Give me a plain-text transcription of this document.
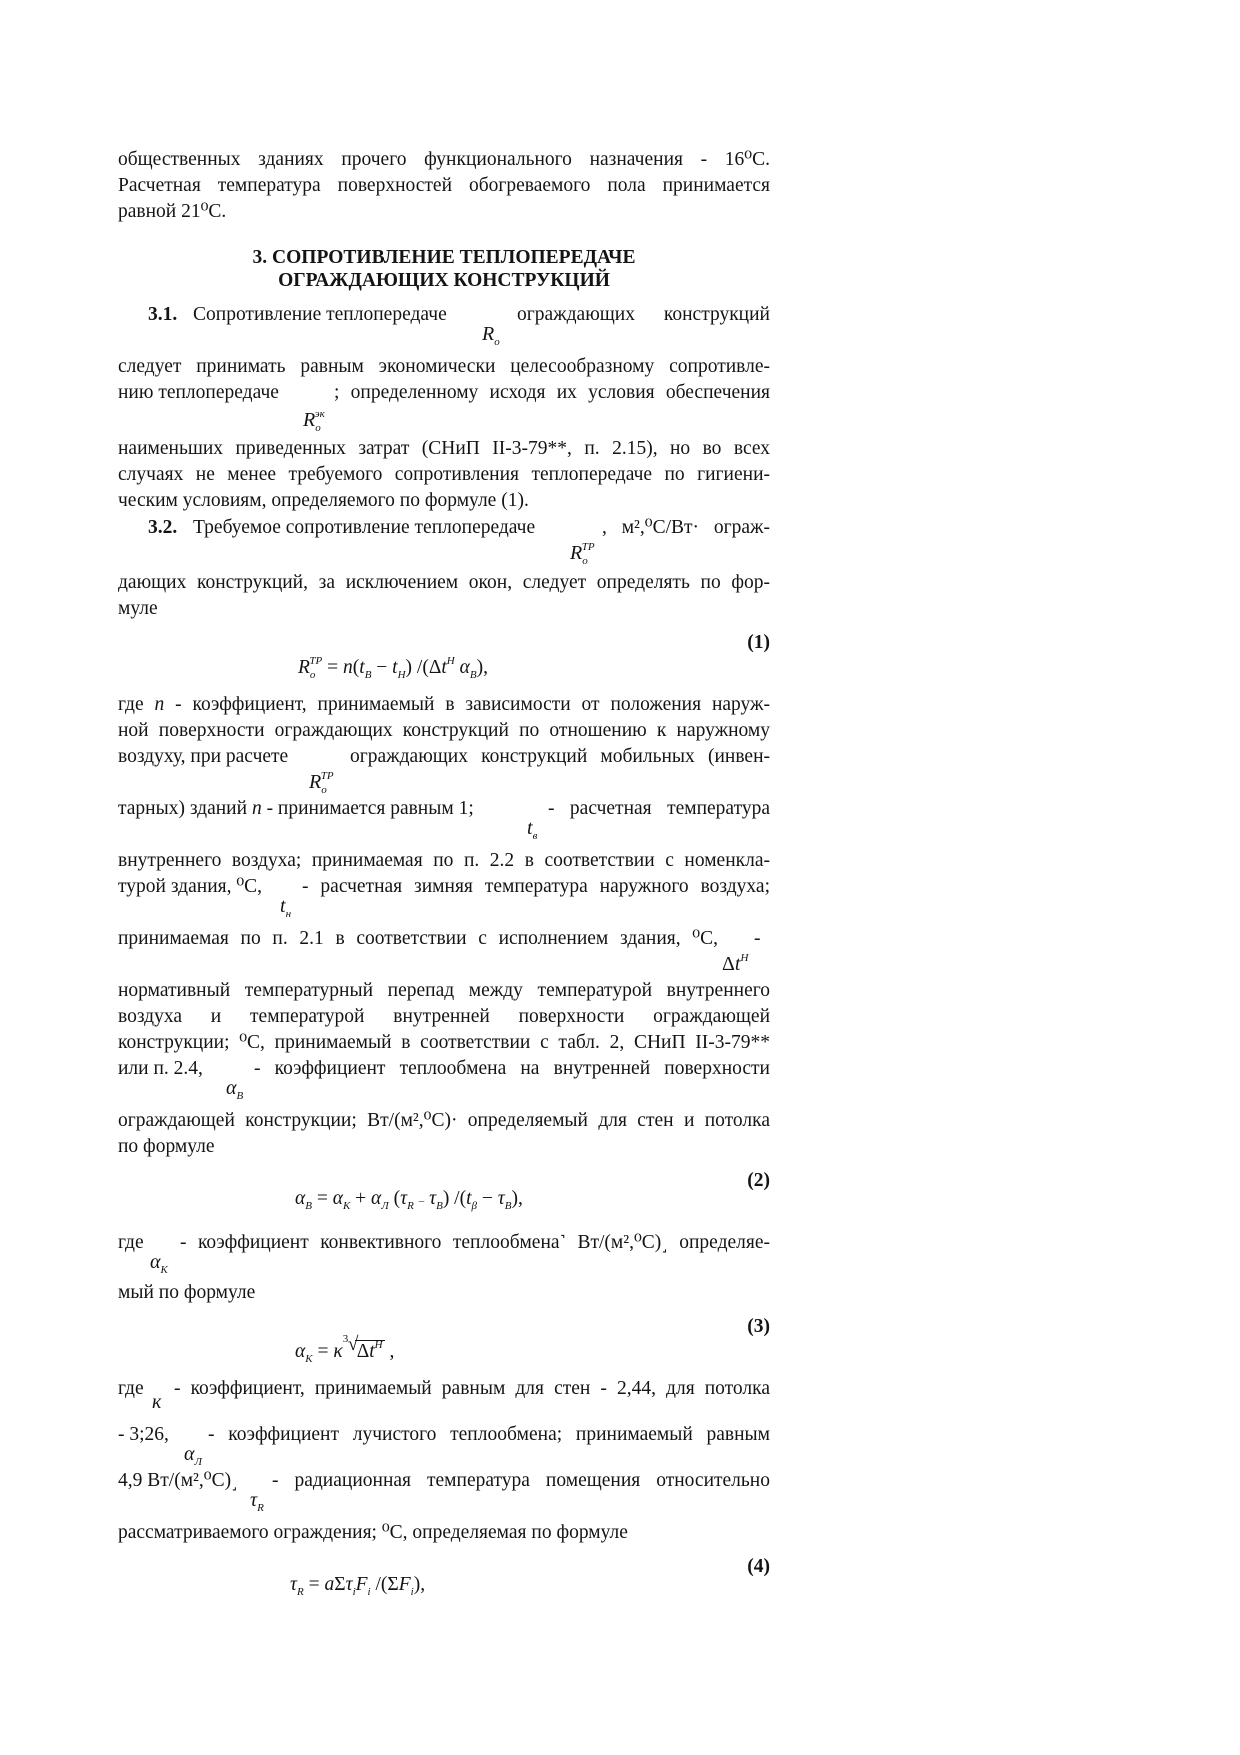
общественных зданиях прочего функционального назначения - 16⁰С.
Расчетная температура поверхностей обогреваемого пола принимается
равной 21⁰С.
3. СОПРОТИВЛЕНИЕ ТЕПЛОПЕРЕДАЧЕ
ОГРАЖДАЮЩИХ КОНСТРУКЦИЙ
3.1. Сопротивление теплопередаче	ограждающих конструкций
$R_o$
следует принимать равным экономически целесообразному сопротивле-
нию теплопередаче	; определенному исходя их условия обеспечения
$R_o^{эк}$
наименьших приведенных затрат (СНиП II-3-79**, п. 2.15), но во всех
случаях не менее требуемого сопротивления теплопередаче по гигиени-
ческим условиям, определяемого по формуле (1).
3.2. Требуемое сопротивление теплопередаче	, м²,⁰С/Вт· ограж-
$R_o^{ТР}$
дающих конструкций, за исключением окон, следует определять по фор-
муле
(1)
$R_o^{ТР} = n(t_В - t_Н)$ $/(\Delta t^Н$ $\alpha_В$),
где n - коэффициент, принимаемый в зависимости от положения наруж-
ной поверхности ограждающих конструкций по отношению к наружному
воздуху, при расчете	ограждающих конструкций мобильных (инвен-
$R_o^{ТР}$
тарных) зданий n - принимается равным 1;	- расчетная температура
$t_в$
внутреннего воздуха; принимаемая по п. 2.2 в соответствии с номенкла-
турой здания, ⁰С, - расчетная зимняя температура наружного воздуха;
$t_н$
принимаемая по п. 2.1 в соответствии с исполнением здания, ⁰С, -
$\Delta t^Н$
нормативный температурный перепад между температурой внутреннего
воздуха и температурой внутренней поверхности ограждающей
конструкции; ⁰С, принимаемый в соответствии с табл. 2, СНиП II-3-79**
или п. 2.4,	- коэффициент теплообмена на внутренней поверхности
$\alpha_В$
ограждающей конструкции; Вт/(м²,⁰С)· определяемый для стен и потолка
по формуле
(2)
$\alpha_В = \alpha_К + \alpha_Л$ $(\tau_R - \tau_В) /(t_\beta - \tau_В)$,
где - коэффициент конвективного теплообмена˺ Вт/(м²,⁰С)˼ определяе-
$\alpha_К$
мый по формуле
(3)
$\alpha_К = \kappa$
3 √
$\Delta t^Н$ ,
где - коэффициент, принимаемый равным для стен - 2,44, для потолка
к
- 3;26, - коэффициент лучистого теплообмена; принимаемый равным
$\alpha_Л$
4,9 Вт/(м²,⁰С)˼ - радиационная температура помещения относительно
$\tau_R$
рассматриваемого ограждения; ⁰С, определяемая по формуле
(4)
$\tau_R = a\Sigma\tau_iF_i$ $/(\Sigma F_i)$,
